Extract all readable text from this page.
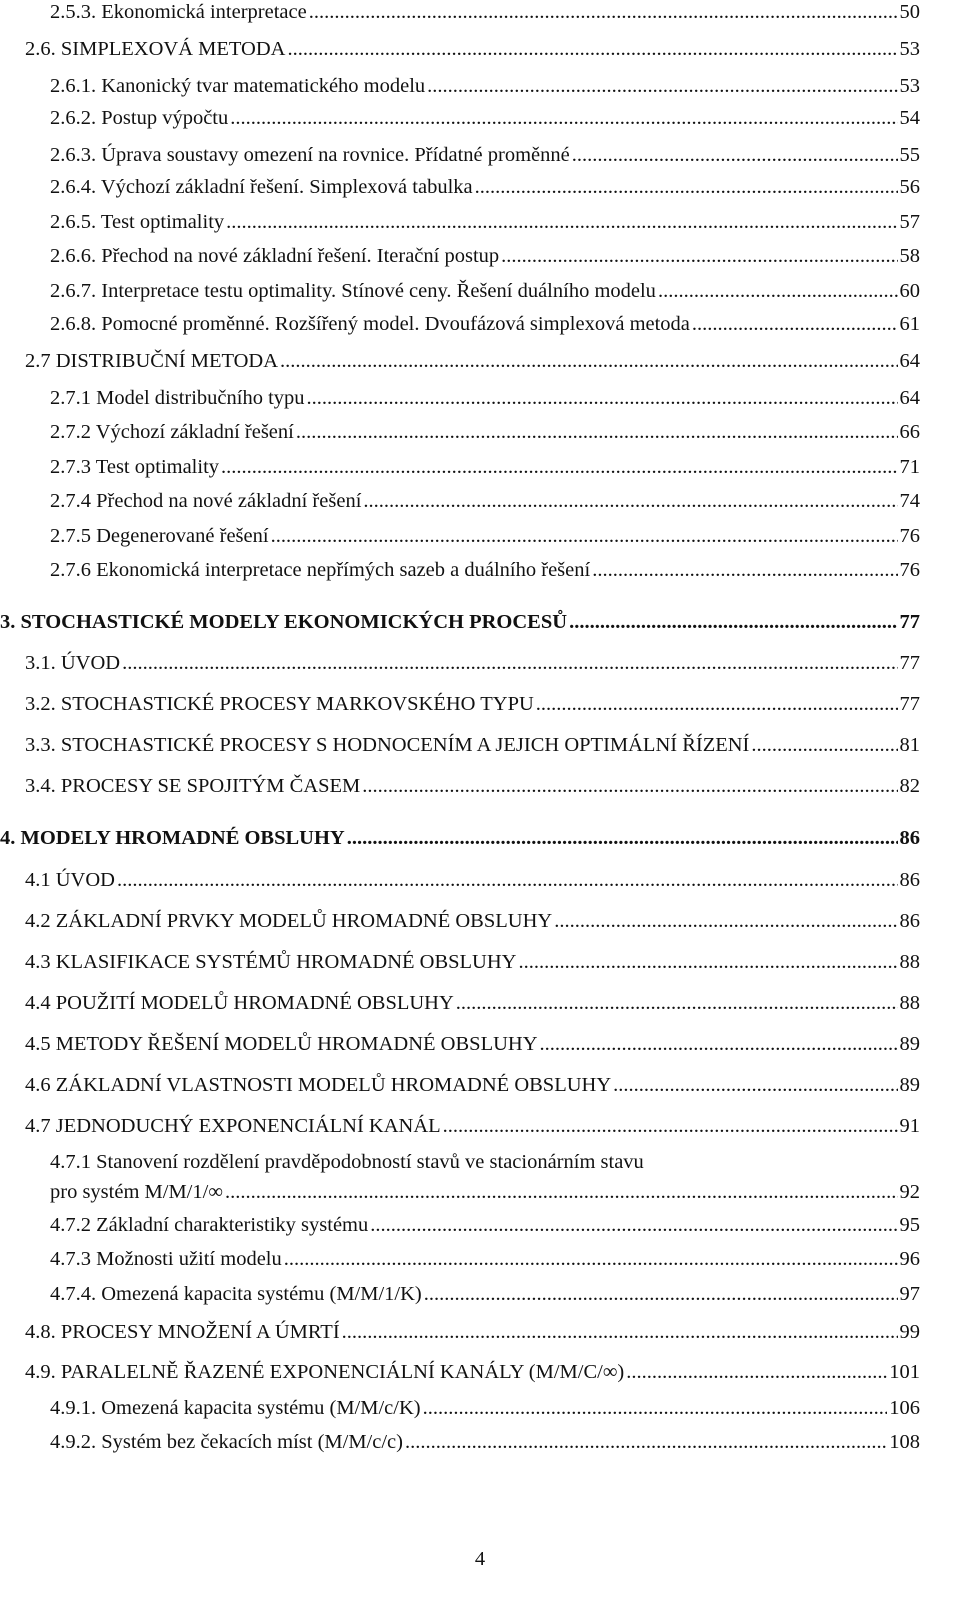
2.5.3. Ekonomická interpretace .....	50
2.6. SIMPLEXOVÁ METODA .....	53
2.6.1. Kanonický tvar matematického modelu .....	53
2.6.2. Postup výpočtu .....	54
2.6.3. Úprava soustavy omezení na rovnice. Přídatné proměnné .....	55
2.6.4. Výchozí základní řešení. Simplexová tabulka .....	56
2.6.5. Test optimality .....	57
2.6.6. Přechod na nové základní řešení. Iterační postup .....	58
2.6.7. Interpretace testu optimality. Stínové ceny. Řešení duálního modelu .....	60
2.6.8. Pomocné proměnné. Rozšířený model. Dvoufázová simplexová metoda .....	61
2.7 DISTRIBUČNÍ METODA .....	64
2.7.1 Model distribučního typu .....	64
2.7.2 Výchozí základní řešení .....	66
2.7.3 Test optimality .....	71
2.7.4 Přechod na nové základní řešení .....	74
2.7.5 Degenerované řešení .....	76
2.7.6 Ekonomická interpretace nepřímých sazeb a duálního řešení .....	76
3. STOCHASTICKÉ MODELY EKONOMICKÝCH PROCESŮ .....	77
3.1. ÚVOD .....	77
3.2. STOCHASTICKÉ PROCESY MARKOVSKÉHO TYPU .....	77
3.3. STOCHASTICKÉ PROCESY S HODNOCENÍM A JEJICH OPTIMÁLNÍ ŘÍZENÍ .....	81
3.4. PROCESY SE SPOJITÝM ČASEM .....	82
4. MODELY HROMADNÉ OBSLUHY .....	86
4.1 ÚVOD .....	86
4.2 ZÁKLADNÍ PRVKY MODELŮ HROMADNÉ OBSLUHY .....	86
4.3 KLASIFIKACE SYSTÉMŮ HROMADNÉ OBSLUHY .....	88
4.4 POUŽITÍ MODELŮ HROMADNÉ OBSLUHY .....	88
4.5 METODY ŘEŠENÍ MODELŮ HROMADNÉ OBSLUHY .....	89
4.6 ZÁKLADNÍ VLASTNOSTI MODELŮ HROMADNÉ OBSLUHY .....	89
4.7 JEDNODUCHÝ EXPONENCIÁLNÍ KANÁL .....	91
4.7.1 Stanovení rozdělení pravděpodobností stavů ve stacionárním stavu
pro systém M/M/1/∞ .....	92
4.7.2 Základní charakteristiky systému .....	95
4.7.3 Možnosti užití modelu .....	96
4.7.4. Omezená kapacita systému (M/M/1/K) .....	97
4.8. PROCESY MNOŽENÍ A ÚMRTÍ .....	99
4.9. PARALELNĚ ŘAZENÉ EXPONENCIÁLNÍ KANÁLY (M/M/C/∞) .....	101
4.9.1. Omezená kapacita systému (M/M/c/K) .....	106
4.9.2. Systém bez čekacích míst (M/M/c/c) .....	108
4
